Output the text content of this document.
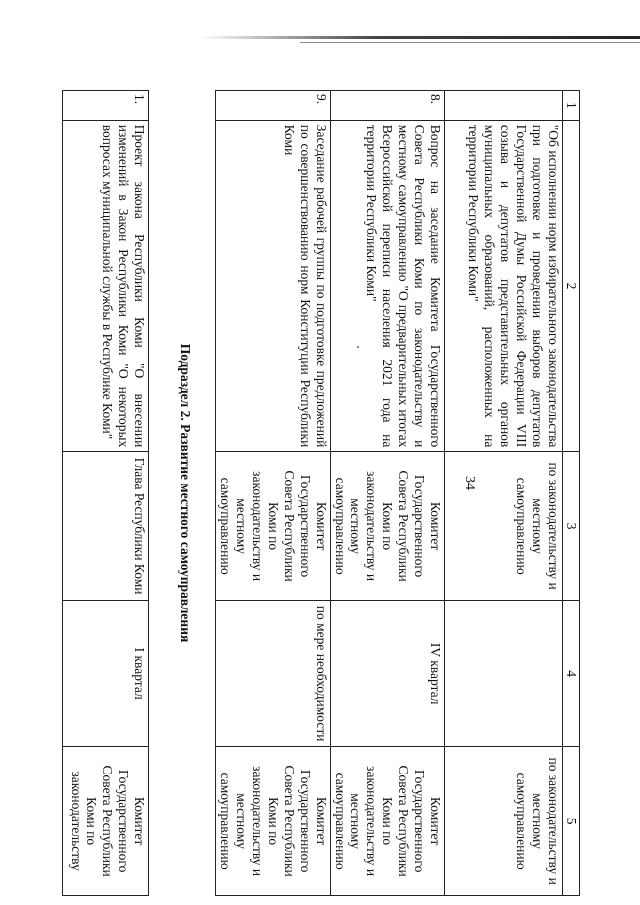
34
1	2	3	4	5
	"Об исполнении норм избирательного законодательства при подготовке и проведении выборов депутатов Государственной Думы Российской Федерации VIII созыва и депутатов представительных органов муниципальных образований, расположенных на территории Республики Коми"	по законодательству и местному самоуправлению		по законодательству и местному самоуправлению
8.	Вопрос на заседание Комитета Государственного Совета Республики Коми по законодательству и местному самоуправлению "О предварительных итогах Всероссийской переписи населения 2021 года на территории Республики Коми"	Комитет Государственного Совета Республики Коми по законодательству и местному самоуправлению	IV квартал	Комитет Государственного Совета Республики Коми по законодательству и местному самоуправлению
9.	Заседание рабочей группы по подготовке предложений по совершенствованию норм Конституции Республики Коми	Комитет Государственного Совета Республики Коми по законодательству и местному самоуправлению	по мере необходимости	Комитет Государственного Совета Республики Коми по законодательству и местному самоуправлению
Подраздел 2. Развитие местного самоуправления				
1.	Проект закона Республики Коми "О внесении изменений в Закон Республики Коми "О некоторых вопросах муниципальной службы в Республике Коми"	Глава Республики Коми	I квартал	Комитет Государственного Совета Республики Коми по законодательству
